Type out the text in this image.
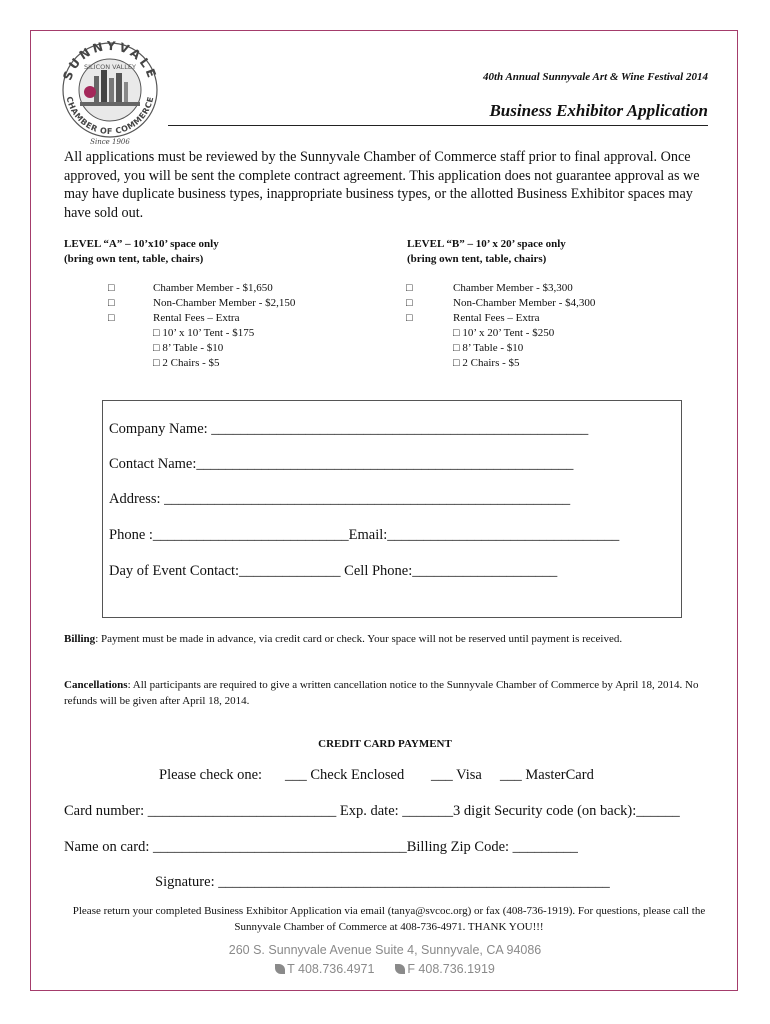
SUNNYVALE
SILICON VALLEY
CHAMBER OF COMMERCE
Since 1906
40th Annual Sunnyvale Art & Wine Festival 2014
Business Exhibitor Application
All applications must be reviewed by the Sunnyvale Chamber of Commerce staff prior to final approval. Once approved, you will be sent the complete contract agreement. This application does not guarantee approval as we may have duplicate business types, inappropriate business types, or the allotted Business Exhibitor spaces may have sold out.
LEVEL “A” – 10’x10’ space only
(bring own tent, table, chairs)
□
□
□
Chamber Member - $1,650
Non-Chamber Member - $2,150
Rental Fees – Extra
□ 10’ x 10’ Tent - $175
□ 8’ Table - $10
□ 2 Chairs - $5
LEVEL “B” – 10’ x 20’ space only
(bring own tent, table, chairs)
□
□
□
Chamber Member - $3,300
Non-Chamber Member - $4,300
Rental Fees – Extra
□ 10’ x 20’ Tent - $250
□ 8’ Table - $10
□ 2 Chairs - $5
Company Name: ____________________________________________________
Contact Name:____________________________________________________
Address: ________________________________________________________
Phone :___________________________Email:________________________________
Day of Event Contact:______________ Cell Phone:____________________
Billing: Payment must be made in advance, via credit card or check. Your space will not be reserved until payment is received.
Cancellations: All participants are required to give a written cancellation notice to the Sunnyvale Chamber of Commerce by April 18, 2014. No refunds will be given after April 18, 2014.
CREDIT CARD PAYMENT
Please check one: ___ Check Enclosed ___ Visa ___ MasterCard
Card number: __________________________ Exp. date: _______3 digit Security code (on back):______
Name on card: ___________________________________Billing Zip Code: _________
Signature: ______________________________________________________
Please return your completed Business Exhibitor Application via email (tanya@svcoc.org) or fax (408-736-1919). For questions, please call the Sunnyvale Chamber of Commerce at 408-736-4971. THANK YOU!!!
260 S. Sunnyvale Avenue Suite 4, Sunnyvale, CA 94086
T 408.736.4971	F 408.736.1919
